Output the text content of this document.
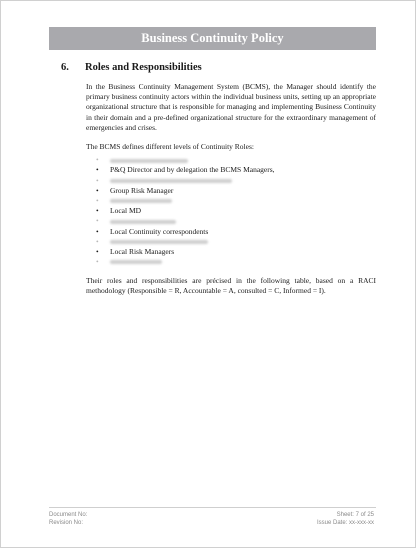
Business Continuity Policy
6.	Roles and Responsibilities

In the Business Continuity Management System (BCMS), the Manager should identify the primary business continuity actors within the individual business units, setting up an appropriate organizational structure that is responsible for managing and implementing Business Continuity in their domain and a pre-defined organizational structure for the extraordinary management of emergencies and crises.

The BCMS defines different levels of Continuity Roles:

•
• P&Q Director and by delegation the BCMS Managers,
•
• Group Risk Manager
•
• Local MD
•
• Local Continuity correspondents
•
• Local Risk Managers
•

Their roles and responsibilities are précised in the following table, based on a RACI methodology (Responsible = R, Accountable = A, consulted = C, Informed = I).

Document No:
Revision No:
Sheet: 7 of 25
Issue Date: xx-xxx-xx
